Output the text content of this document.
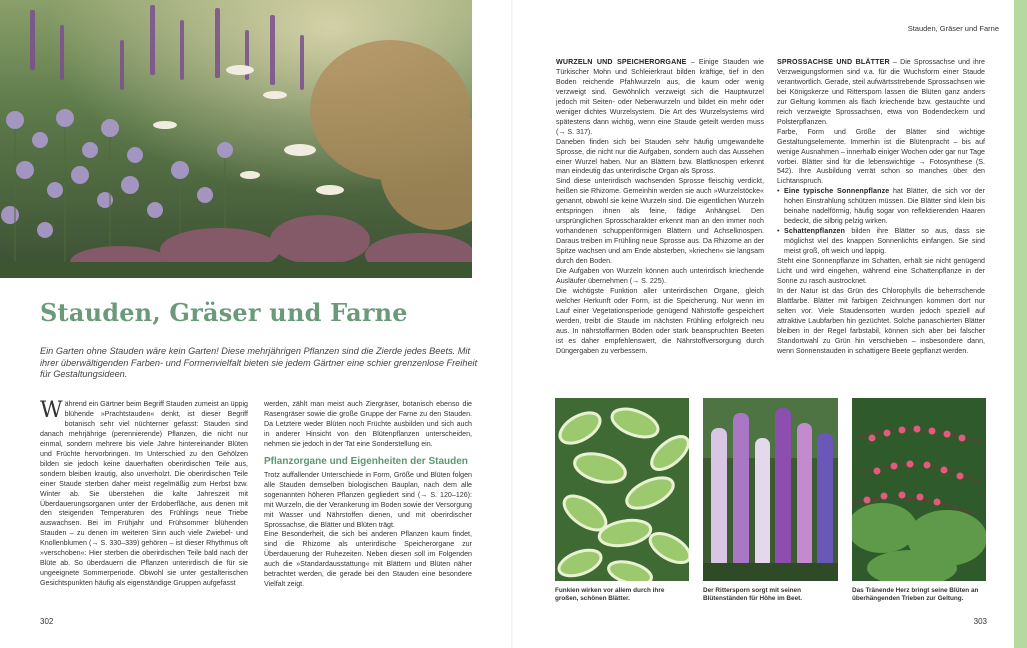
Stauden, Gräser und Farne

Ein Garten ohne Stauden wäre kein Garten! Diese mehrjährigen Pflanzen sind die Zierde jedes Beets. Mit ihrer überwältigenden Farben- und Formenvielfalt bieten sie jedem Gärtner eine schier grenzenlose Freiheit für Gestaltungsideen.

Während ein Gärtner beim Begriff Stauden zumeist an üppig blühende »Prachtstauden« denkt, ist dieser Begriff botanisch sehr viel nüchterner gefasst: Stauden sind danach mehrjährige (perennierende) Pflanzen, die nicht nur einmal, sondern mehrere bis viele Jahre hintereinander Blüten und Früchte hervorbringen. Im Unterschied zu den Gehölzen bilden sie jedoch keine dauerhaften oberirdischen Teile aus, sondern bleiben krautig, also unverholzt. Die oberirdischen Teile einer Staude sterben daher meist regelmäßig zum Herbst bzw. Winter ab. Sie überstehen die kalte Jahreszeit mit Überdauerungsorganen unter der Erdoberfläche, aus denen mit den steigenden Temperaturen des Frühlings neue Triebe auswachsen. Bei im Frühjahr und Frühsommer blühenden Stauden – zu denen im weiteren Sinn auch viele Zwiebel- und Knollenblumen (→ S. 330–339) gehören – ist dieser Rhythmus oft »verschoben«: Hier sterben die oberirdischen Teile bald nach der Blüte ab. So überdauern die Pflanzen unterirdisch die für sie ungeeignete Sommerperiode. Obwohl sie unter gestalterischen Gesichtspunkten häufig als eigenständige Gruppen aufgefasst

werden, zählt man meist auch Ziergräser, botanisch ebenso die Rasengräser sowie die große Gruppe der Farne zu den Stauden. Da Letztere weder Blüten noch Früchte ausbilden und sich auch in anderer Hinsicht von den Blütenpflanzen unterscheiden, nehmen sie jedoch in der Tat eine Sonderstellung ein.

Pflanzorgane und Eigenheiten der Stauden

Trotz auffallender Unterschiede in Form, Größe und Blüten folgen alle Stauden demselben biologischen Bauplan, nach dem alle sogenannten höheren Pflanzen gegliedert sind (→ S. 120–126): mit Wurzeln, die der Verankerung im Boden sowie der Versorgung mit Wasser und Nährstoffen dienen, und mit oberirdischer Sprossachse, die Blätter und Blüten trägt.

Eine Besonderheit, die sich bei anderen Pflanzen kaum findet, sind die Rhizome als unterirdische Speicherorgane zur Überdauerung der Ruhezeiten. Neben diesen soll im Folgenden auch die »Standardausstattung« mit Blättern und Blüten näher betrachtet werden, die gerade bei den Stauden eine besondere Vielfalt zeigt.

302
Stauden, Gräser und Farne

WURZELN UND SPEICHERORGANE – Einige Stauden wie Türkischer Mohn und Schleierkraut bilden kräftige, tief in den Boden reichende Pfahlwurzeln aus, die kaum oder wenig verzweigt sind. Gewöhnlich verzweigt sich die Hauptwurzel jedoch mit Seiten- oder Nebenwurzeln und bildet ein mehr oder weniger dichtes Wurzelsystem. Die Art des Wurzelsystems wird spätestens dann wichtig, wenn eine Staude geteilt werden muss (→ S. 317).

Daneben finden sich bei Stauden sehr häufig umgewandelte Sprosse, die nicht nur die Aufgaben, sondern auch das Aussehen einer Wurzel haben. Nur an Blättern bzw. Blattknospen erkennt man eindeutig das unterirdische Organ als Spross.

Sind diese unterirdisch wachsenden Sprosse fleischig verdickt, heißen sie Rhizome. Gemeinhin werden sie auch »Wurzelstöcke« genannt, obwohl sie keine Wurzeln sind. Die eigentlichen Wurzeln entspringen ihnen als feine, fädige Anhängsel. Den ursprünglichen Sprosscharakter erkennt man an den immer noch vorhandenen schuppenförmigen Blättern und Achselknospen. Daraus treiben im Frühling neue Sprosse aus. Da Rhizome an der Spitze wachsen und am Ende absterben, »kriechen« sie langsam durch den Boden.

Die Aufgaben von Wurzeln können auch unterirdisch kriechende Ausläufer übernehmen (→ S. 225).

Die wichtigste Funktion aller unterirdischen Organe, gleich welcher Herkunft oder Form, ist die Speicherung. Nur wenn im Lauf einer Vegetationsperiode genügend Nährstoffe gespeichert werden, treibt die Staude im nächsten Frühling erfolgreich neu aus. In nährstoffarmen Böden oder stark beanspruchten Beeten ist es daher empfehlenswert, die Nährstoffversorgung durch Düngergaben zu verbessern.

SPROSSACHSE UND BLÄTTER – Die Sprossachse und ihre Verzweigungsformen sind v.a. für die Wuchsform einer Staude verantwortlich. Gerade, steil aufwärtsstrebende Sprossachsen wie bei Königskerze und Rittersporn lassen die Blüten ganz anders zur Geltung kommen als flach kriechende bzw. gestauchte und reich verzweigte Sprossachsen, etwa von Bodendeckern und Polsterpflanzen.

Farbe, Form und Größe der Blätter sind wichtige Gestaltungselemente. Immerhin ist die Blütenpracht – bis auf wenige Ausnahmen – innerhalb einiger Wochen oder gar nur Tage vorbei. Blätter sind für die lebenswichtige → Fotosynthese (S. 542). Ihre Ausbildung verrät schon so manches über den Lichtanspruch.

• Eine typische Sonnenpflanze hat Blätter, die sich vor der hohen Einstrahlung schützen müssen. Die Blätter sind klein bis beinahe nadelförmig, häufig sogar von reflektierenden Haaren bedeckt, die silbrig pelzig wirken.
• Schattenpflanzen bilden ihre Blätter so aus, dass sie möglichst viel des knappen Sonnenlichts einfangen. Sie sind meist groß, oft weich und lappig.

Steht eine Sonnenpflanze im Schatten, erhält sie nicht genügend Licht und wird eingehen, während eine Schattenpflanze in der Sonne zu rasch austrocknet.

In der Natur ist das Grün des Chlorophylls die beherrschende Blattfarbe. Blätter mit farbigen Zeichnungen kommen dort nur selten vor. Viele Staudensorten wurden jedoch speziell auf attraktive Laubfarben hin gezüchtet. Solche panaschierten Blätter bleiben in der Regel farbstabil, können sich aber bei falscher Standortwahl zu Grün hin verschieben – insbesondere dann, wenn Sonnenstauden in schattigere Beete gepflanzt werden.

Funkien wirken vor allem durch ihre großen, schönen Blätter.

Der Rittersporn sorgt mit seinen Blütenständen für Höhe im Beet.

Das Tränende Herz bringt seine Blüten an überhängenden Trieben zur Geltung.

303
